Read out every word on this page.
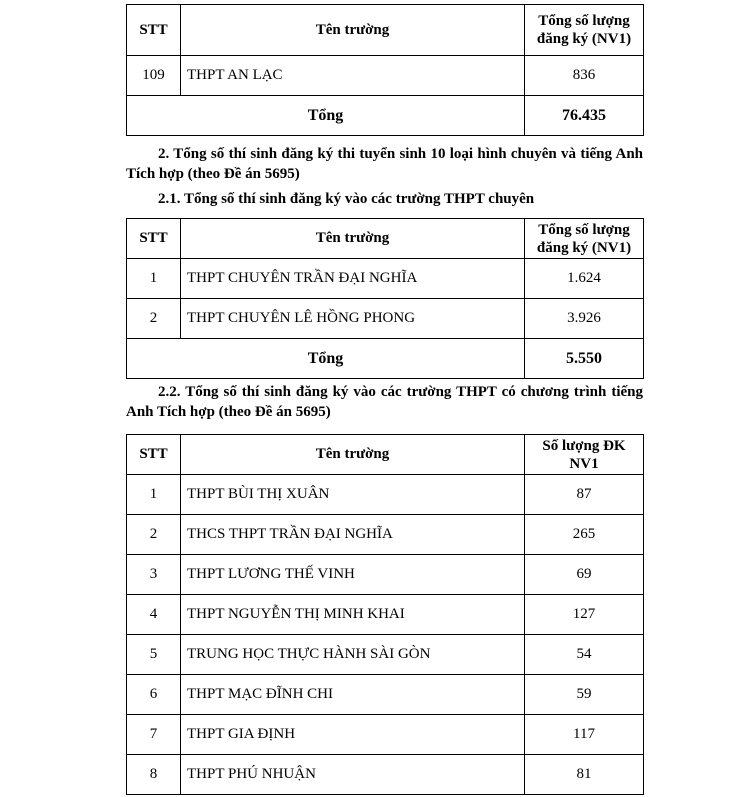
STT	Tên trường	Tổng số lượng đăng ký (NV1)
109	THPT AN LẠC	836
Tổng		76.435
2. Tổng số thí sinh đăng ký thi tuyển sinh 10 loại hình chuyên và tiếng Anh Tích hợp (theo Đề án 5695)
2.1. Tổng số thí sinh đăng ký vào các trường THPT chuyên
STT	Tên trường	Tổng số lượng đăng ký (NV1)
1	THPT CHUYÊN TRẦN ĐẠI NGHĨA	1.624
2	THPT CHUYÊN LÊ HỒNG PHONG	3.926
Tổng		5.550
2.2. Tổng số thí sinh đăng ký vào các trường THPT có chương trình tiếng Anh Tích hợp (theo Đề án 5695)
STT	Tên trường	Số lượng ĐK NV1
1	THPT BÙI THỊ XUÂN	87
2	THCS THPT TRẦN ĐẠI NGHĨA	265
3	THPT LƯƠNG THẾ VINH	69
4	THPT NGUYỄN THỊ MINH KHAI	127
5	TRUNG HỌC THỰC HÀNH SÀI GÒN	54
6	THPT MẠC ĐĨNH CHI	59
7	THPT GIA ĐỊNH	117
8	THPT PHÚ NHUẬN	81
